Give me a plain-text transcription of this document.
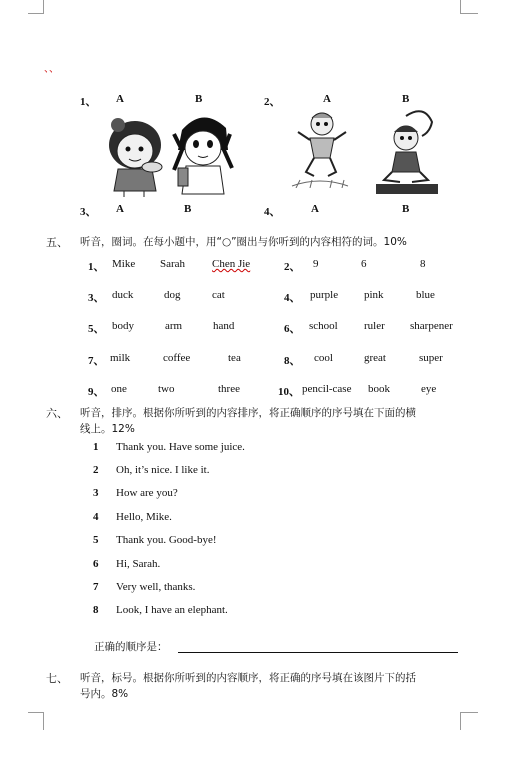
、、
1、 A	B	2、	A	B
3、 A	B	4、	A	B
五、 听音，圈词。在每小题中，用“○”圈出与你听到的内容相符的词。10%
1、 Mike Sarah Chen Jie	2、 9	6	8
3、 duck	dog	cat	4、 purple pink	blue
5、 body	arm	hand	6、 school ruler sharpener
7、 milk	coffee	tea	8、 cool	great	super
9、 one	two	three	10、 pencil-case book	eye
六、 听音，排序。根据你所听到的内容排序，将正确顺序的序号填在下面的横
线上。12%
1 Thank you. Have some juice.
2 Oh, it’s nice. I like it.
3 How are you?
4 Hello, Mike.
5 Thank you. Good-bye!
6 Hi, Sarah.
7 Very well, thanks.
8 Look, I have an elephant.
正确的顺序是：
七、 听音，标号。根据你所听到的内容顺序，将正确的序号填在该图片下的括
号内。8%
